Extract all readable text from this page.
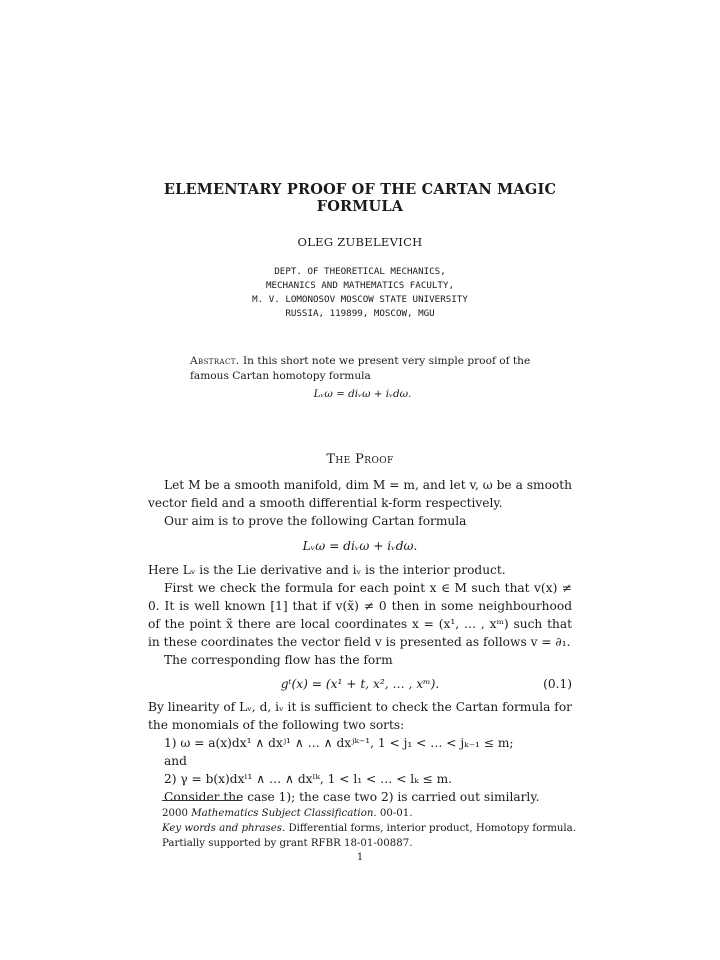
ELEMENTARY PROOF OF THE CARTAN MAGIC
FORMULA
OLEG ZUBELEVICH
DEPT. OF THEORETICAL MECHANICS,
MECHANICS AND MATHEMATICS FACULTY,
M. V. LOMONOSOV MOSCOW STATE UNIVERSITY
RUSSIA, 119899, MOSCOW, MGU
Abstract. In this short note we present very simple proof of the famous Cartan homotopy formula
Lᵥω = diᵥω + iᵥdω.
The Proof

Let M be a smooth manifold, dim M = m, and let v, ω be a smooth vector field and a smooth differential k-form respectively.

Our aim is to prove the following Cartan formula

Lᵥω = diᵥω + iᵥdω.

Here Lᵥ is the Lie derivative and iᵥ is the interior product.

First we check the formula for each point x ∈ M such that v(x) ≠ 0. It is well known [1] that if v(x̃) ≠ 0 then in some neighbourhood of the point x̃ there are local coordinates x = (x¹, … , xᵐ) such that in these coordinates the vector field v is presented as follows v = ∂₁.

The corresponding flow has the form

gᵗ(x) = (x¹ + t, x², … , xᵐ).	(0.1)

By linearity of Lᵥ, d, iᵥ it is sufficient to check the Cartan formula for the monomials of the following two sorts:

1) ω = a(x)dx¹ ∧ dxʲ¹ ∧ … ∧ dxʲᵏ⁻¹, 1 < j₁ < … < jₖ₋₁ ≤ m;

and

2) γ = b(x)dxˡ¹ ∧ … ∧ dxˡᵏ, 1 < l₁ < … < lₖ ≤ m.

Consider the case 1); the case two 2) is carried out similarly.

2000 Mathematics Subject Classification. 00-01.
Key words and phrases. Differential forms, interior product, Homotopy formula.
Partially supported by grant RFBR 18-01-00887.
1
